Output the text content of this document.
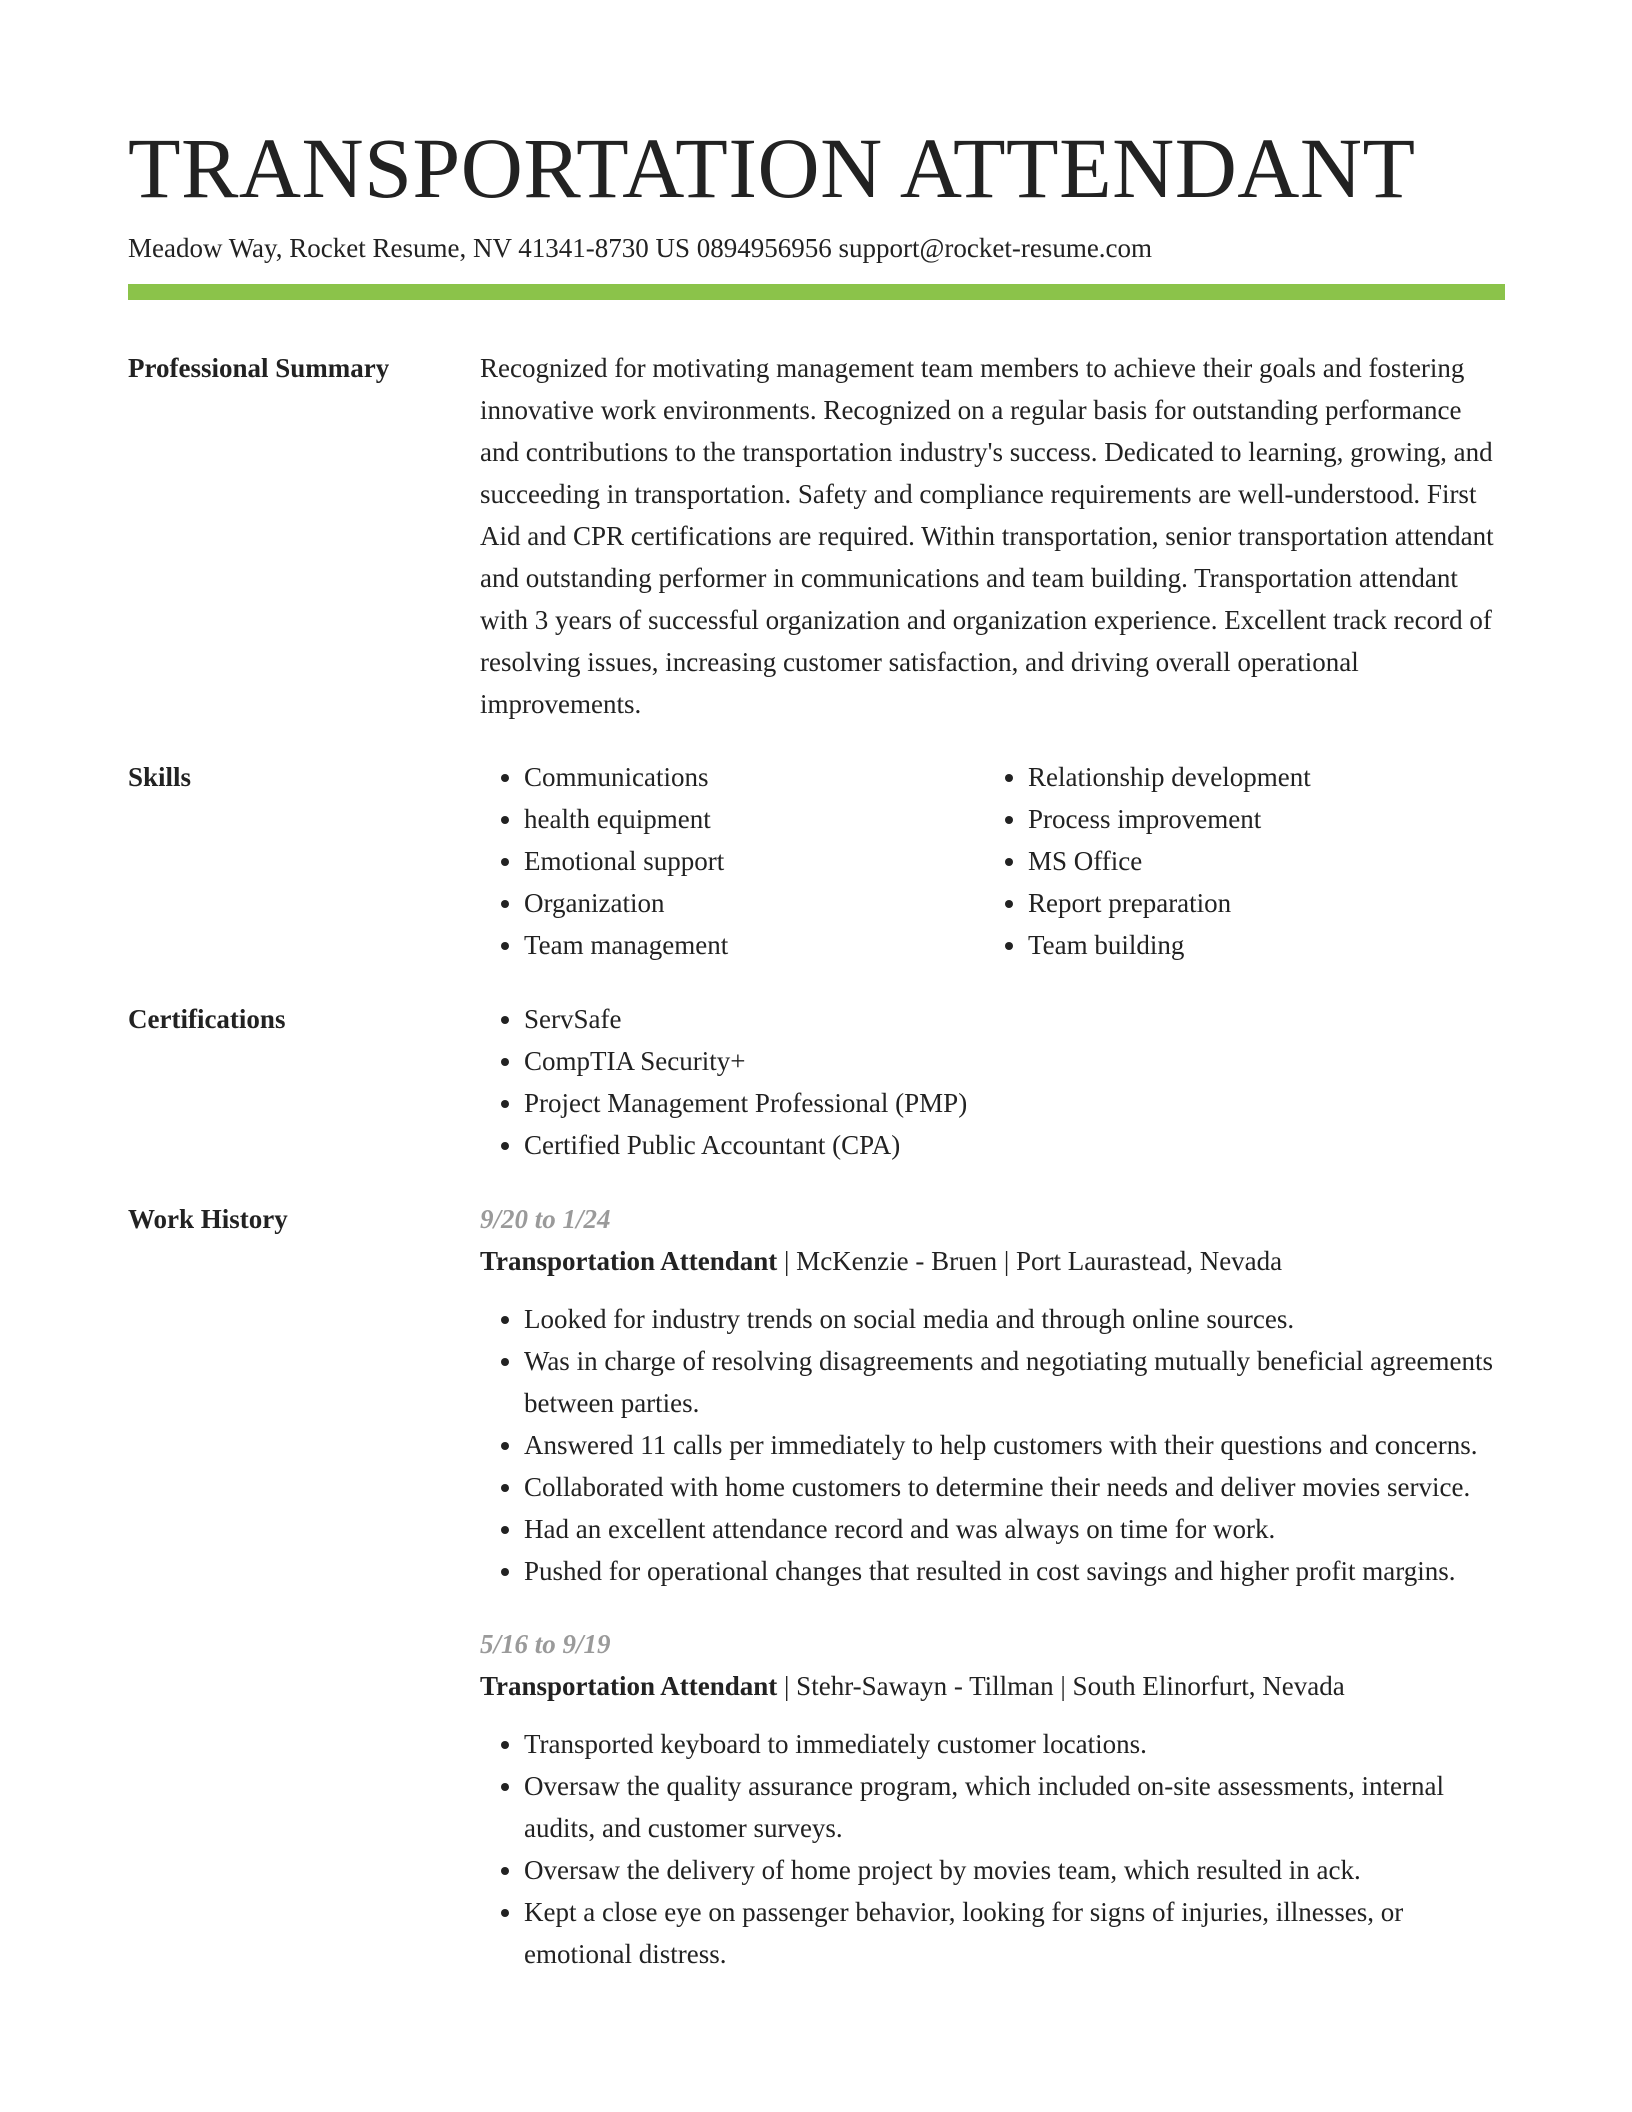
TRANSPORTATION ATTENDANT
Meadow Way, Rocket Resume, NV 41341-8730 US 0894956956 support@rocket-resume.com
Professional Summary	Recognized for motivating management team members to achieve their goals and fostering innovative work environments. Recognized on a regular basis for outstanding performance and contributions to the transportation industry's success. Dedicated to learning, growing, and succeeding in transportation. Safety and compliance requirements are well-understood. First Aid and CPR certifications are required. Within transportation, senior transportation attendant and outstanding performer in communications and team building. Transportation attendant with 3 years of successful organization and organization experience. Excellent track record of resolving issues, increasing customer satisfaction, and driving overall operational improvements.

Skills	• Communications
• health equipment
• Emotional support
• Organization
• Team management
• Relationship development
• Process improvement
• MS Office
• Report preparation
• Team building
Certifications	• ServSafe
• CompTIA Security+
• Project Management Professional (PMP)
• Certified Public Accountant (CPA)
Work History	9/20 to 1/24
Transportation Attendant | McKenzie - Bruen | Port Laurastead, Nevada
• Looked for industry trends on social media and through online sources.
• Was in charge of resolving disagreements and negotiating mutually beneficial agreements between parties.
• Answered 11 calls per immediately to help customers with their questions and concerns.
• Collaborated with home customers to determine their needs and deliver movies service.
• Had an excellent attendance record and was always on time for work.
• Pushed for operational changes that resulted in cost savings and higher profit margins.
5/16 to 9/19
Transportation Attendant | Stehr-Sawayn - Tillman | South Elinorfurt, Nevada
• Transported keyboard to immediately customer locations.
• Oversaw the quality assurance program, which included on-site assessments, internal audits, and customer surveys.
• Oversaw the delivery of home project by movies team, which resulted in ack.
• Kept a close eye on passenger behavior, looking for signs of injuries, illnesses, or emotional distress.
